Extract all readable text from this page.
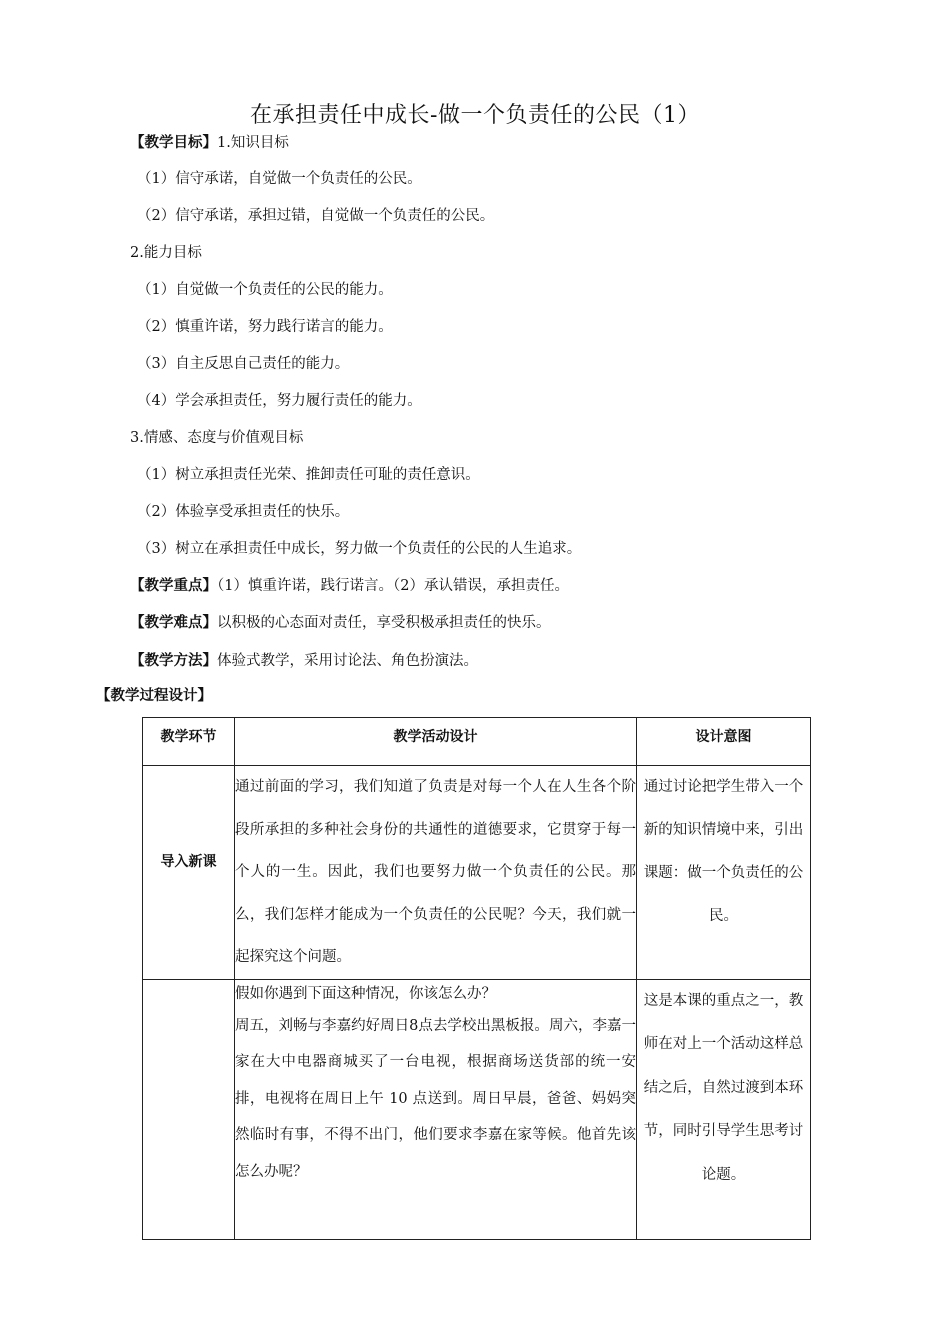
在承担责任中成长-做一个负责任的公民（1）
【教学目标】1.知识目标
（1）信守承诺，自觉做一个负责任的公民。
（2）信守承诺，承担过错，自觉做一个负责任的公民。
2.能力目标
（1）自觉做一个负责任的公民的能力。
（2）慎重许诺，努力践行诺言的能力。
（3）自主反思自己责任的能力。
（4）学会承担责任，努力履行责任的能力。
3.情感、态度与价值观目标
（1）树立承担责任光荣、推卸责任可耻的责任意识。
（2）体验享受承担责任的快乐。
（3）树立在承担责任中成长，努力做一个负责任的公民的人生追求。
【教学重点】（1）慎重许诺，践行诺言。（2）承认错误，承担责任。
【教学难点】以积极的心态面对责任，享受积极承担责任的快乐。
【教学方法】体验式教学，采用讨论法、角色扮演法。
【教学过程设计】
教学环节	教学活动设计	设计意图
导入新课	通过前面的学习，我们知道了负责是对每一个人在人生各个阶段所承担的多种社会身份的共通性的道德要求，它贯穿于每一个人的一生。因此，我们也要努力做一个负责任的公民。那么，我们怎样才能成为一个负责任的公民呢？今天，我们就一起探究这个问题。	通过讨论把学生带入一个新的知识情境中来，引出课题：做一个负责任的公民。

	假如你遇到下面这种情况，你该怎么办？
周五，刘畅与李嘉约好周日8点去学校出黑板报。周六，李嘉一家在大中电器商城买了一台电视，根据商场送货部的统一安排，电视将在周日上午 10 点送到。周日早晨，爸爸、妈妈突然临时有事，不得不出门，他们要求李嘉在家等候。他首先该怎么办呢？	这是本课的重点之一，教师在对上一个活动这样总结之后，自然过渡到本环节，同时引导学生思考讨论题。
